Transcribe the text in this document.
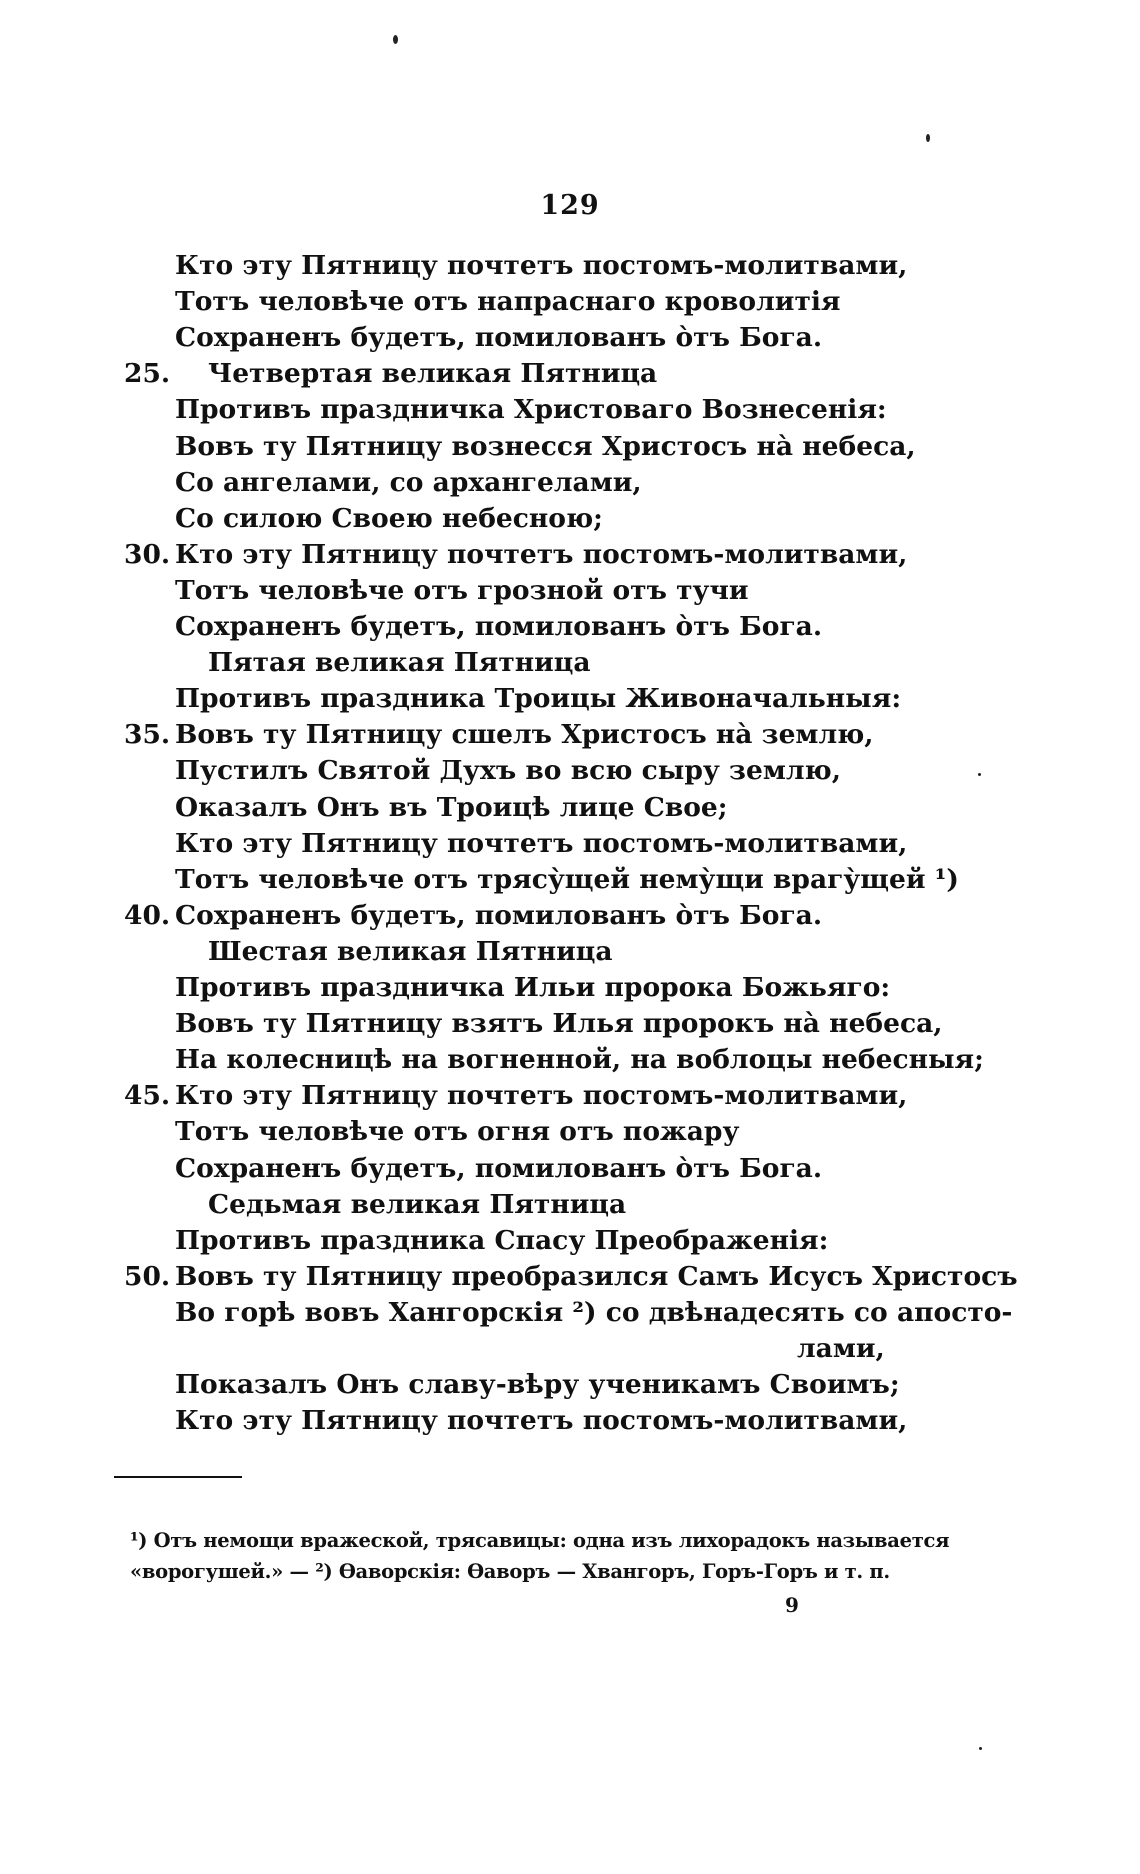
129
Кто эту Пятницу почтетъ постомъ-молитвами,
Тотъ человѣче отъ напраснаго кроволитія
Сохраненъ будетъ, помилованъ о̀тъ Бога.
25. Четвертая великая Пятница
Противъ праздничка Христоваго Вознесенія:
Вовъ ту Пятницу вознесся Христосъ на̀ небеса,
Со ангелами, со архангелами,
Со силою Своею небесною;
30. Кто эту Пятницу почтетъ постомъ-молитвами,
Тотъ человѣче отъ грозной отъ тучи
Сохраненъ будетъ, помилованъ о̀тъ Бога.
Пятая великая Пятница
Противъ праздника Троицы Живоначальныя:
35. Вовъ ту Пятницу сшелъ Христосъ на̀ землю,
Пустилъ Святой Духъ во всю сыру землю,
Оказалъ Онъ въ Троицѣ лице Свое;
Кто эту Пятницу почтетъ постомъ-молитвами,
Тотъ человѣче отъ трясу̀щей нему̀щи врагу̀щей ¹)
40. Сохраненъ будетъ, помилованъ о̀тъ Бога.
Шестая великая Пятница
Противъ праздничка Ильи пророка Божьяго:
Вовъ ту Пятницу взятъ Илья пророкъ на̀ небеса,
На колесницѣ на вогненной, на воблоцы небесныя;
45. Кто эту Пятницу почтетъ постомъ-молитвами,
Тотъ человѣче отъ огня отъ пожару
Сохраненъ будетъ, помилованъ о̀тъ Бога.
Седьмая великая Пятница
Противъ праздника Спасу Преображенія:
50. Вовъ ту Пятницу преобразился Самъ Исусъ Христосъ
Во горѣ вовъ Хангорскія ²) со двѣнадесять со апосто-
лами,
Показалъ Онъ славу-вѣру ученикамъ Своимъ;
Кто эту Пятницу почтетъ постомъ-молитвами,
¹) Отъ немощи вражеской, трясавицы: одна изъ лихорадокъ называется
«ворогушей.» — ²) Ѳаворскія: Ѳаворъ — Хвангоръ, Горъ-Горъ и т. п.
9
